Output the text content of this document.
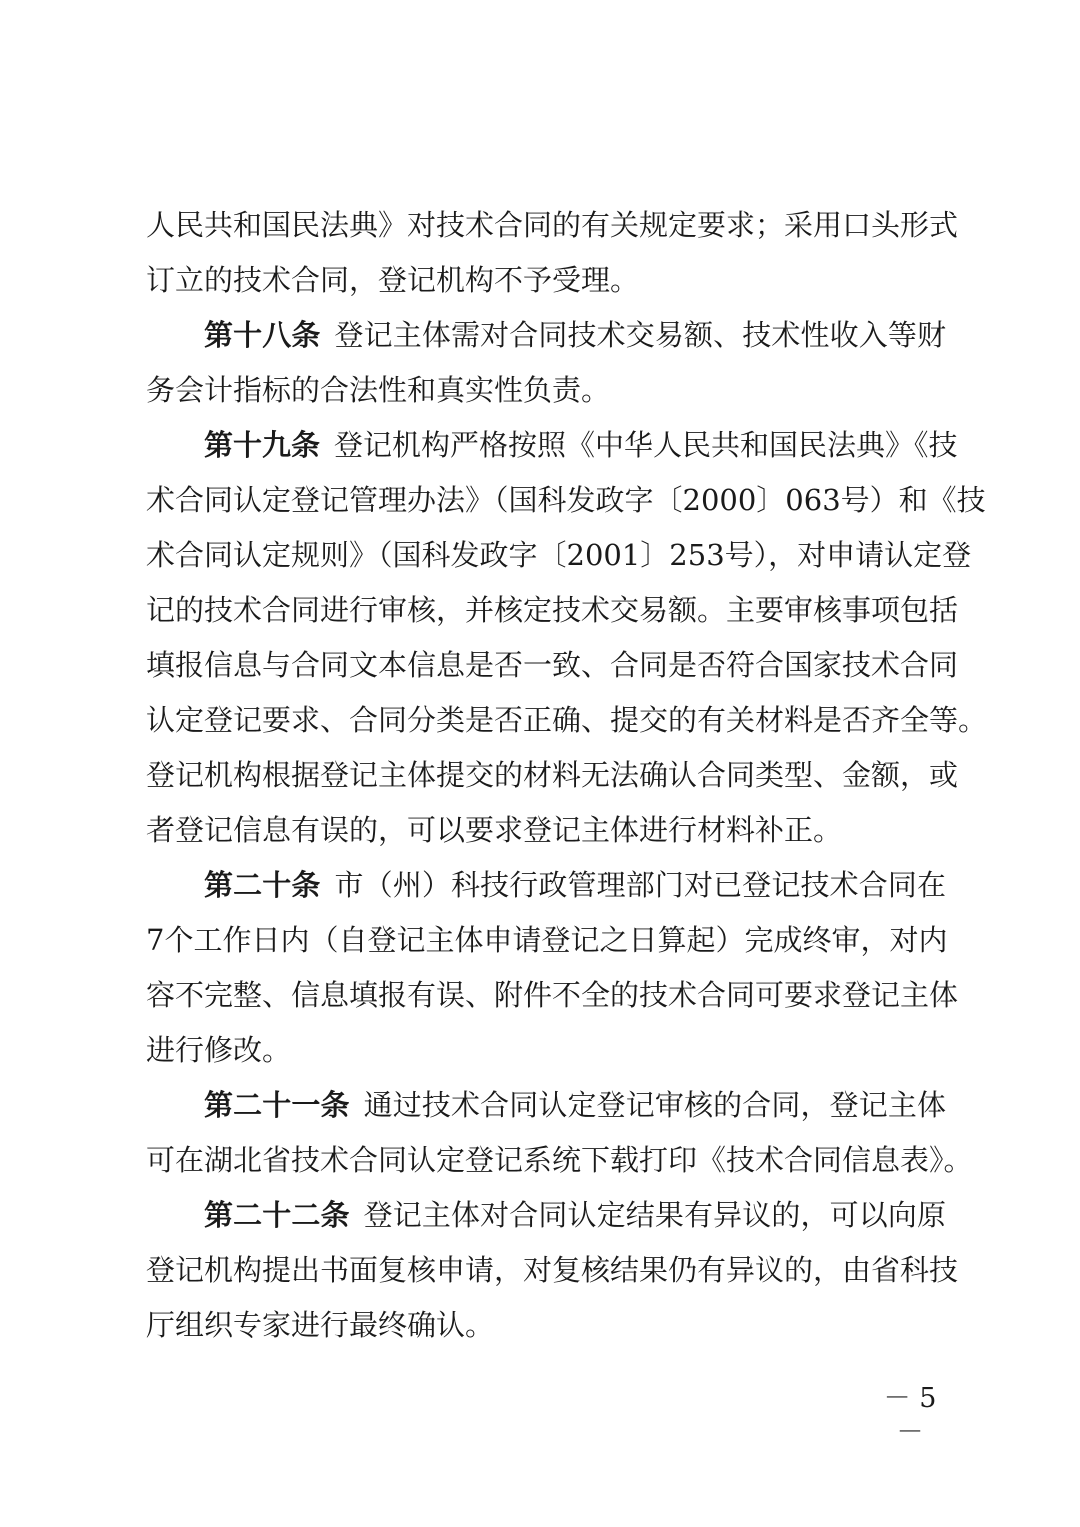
人民共和国民法典》对技术合同的有关规定要求；采用口头形式
订立的技术合同，登记机构不予受理。
第十八条 登记主体需对合同技术交易额、技术性收入等财
务会计指标的合法性和真实性负责。
第十九条 登记机构严格按照《中华人民共和国民法典》《技
术合同认定登记管理办法》（国科发政字〔2000〕063号）和《技
术合同认定规则》（国科发政字〔2001〕253号），对申请认定登
记的技术合同进行审核，并核定技术交易额。主要审核事项包括
填报信息与合同文本信息是否一致、合同是否符合国家技术合同
认定登记要求、合同分类是否正确、提交的有关材料是否齐全等。
登记机构根据登记主体提交的材料无法确认合同类型、金额，或
者登记信息有误的，可以要求登记主体进行材料补正。
第二十条 市（州）科技行政管理部门对已登记技术合同在
7个工作日内（自登记主体申请登记之日算起）完成终审，对内
容不完整、信息填报有误、附件不全的技术合同可要求登记主体
进行修改。
第二十一条 通过技术合同认定登记审核的合同，登记主体
可在湖北省技术合同认定登记系统下载打印《技术合同信息表》。
第二十二条 登记主体对合同认定结果有异议的，可以向原
登记机构提出书面复核申请，对复核结果仍有异议的，由省科技
厅组织专家进行最终确认。
－ 5 －
